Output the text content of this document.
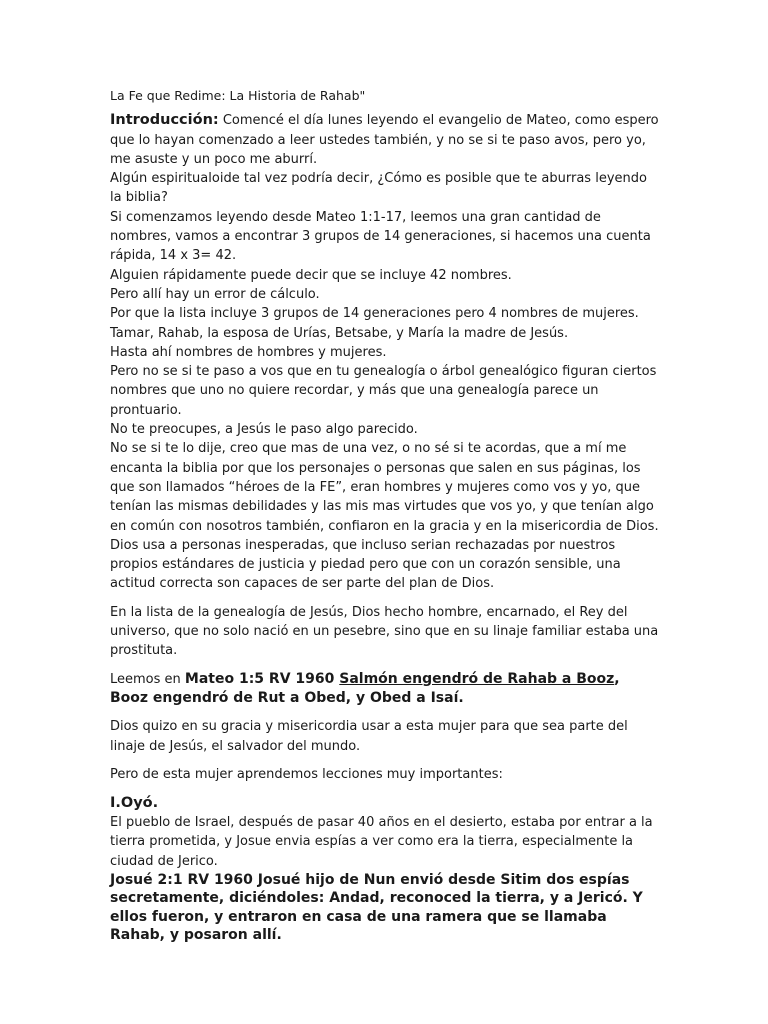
La Fe que Redime: La Historia de Rahab"

Introducción: Comencé el día lunes leyendo el evangelio de Mateo, como espero que lo hayan comenzado a leer ustedes también, y no se si te paso avos, pero yo, me asuste y un poco me aburrí.

Algún espiritualoide tal vez podría decir, ¿Cómo es posible que te aburras leyendo la biblia?

Si comenzamos leyendo desde Mateo 1:1-17, leemos una gran cantidad de nombres, vamos a encontrar 3 grupos de 14 generaciones, si hacemos una cuenta rápida, 14 x 3= 42.

Alguien rápidamente puede decir que se incluye 42 nombres.

Pero allí hay un error de cálculo.

Por que la lista incluye 3 grupos de 14 generaciones pero 4 nombres de mujeres.

Tamar, Rahab, la esposa de Urías, Betsabe, y María la madre de Jesús.

Hasta ahí nombres de hombres y mujeres.

Pero no se si te paso a vos que en tu genealogía o árbol genealógico figuran ciertos nombres que uno no quiere recordar, y más que una genealogía parece un prontuario.

No te preocupes, a Jesús le paso algo parecido.

No se si te lo dije, creo que mas de una vez, o no sé si te acordas, que a mí me encanta la biblia por que los personajes o personas que salen en sus páginas, los que son llamados “héroes de la FE”, eran hombres y mujeres como vos y yo, que tenían las mismas debilidades y las mis mas virtudes que vos yo, y que tenían algo en común con nosotros también, confiaron en la gracia y en la misericordia de Dios.

Dios usa a personas inesperadas, que incluso serian rechazadas por nuestros propios estándares de justicia y piedad pero que con un corazón sensible, una actitud correcta son capaces de ser parte del plan de Dios.

En la lista de la genealogía de Jesús, Dios hecho hombre, encarnado, el Rey del universo, que no solo nació en un pesebre, sino que en su linaje familiar estaba una prostituta.

Leemos en Mateo 1:5 RV 1960 Salmón engendró de Rahab a Booz, Booz engendró de Rut a Obed, y Obed a Isaí.

Dios quizo en su gracia y misericordia usar a esta mujer para que sea parte del linaje de Jesús, el salvador del mundo.

Pero de esta mujer aprendemos lecciones muy importantes:

I.Oyó.

El pueblo de Israel, después de pasar 40 años en el desierto, estaba por entrar a la tierra prometida, y Josue envia espías a ver como era la tierra, especialmente la ciudad de Jerico.

Josué 2:1 RV 1960 Josué hijo de Nun envió desde Sitim dos espías secretamente, diciéndoles: Andad, reconoced la tierra, y a Jericó. Y ellos fueron, y entraron en casa de una ramera que se llamaba Rahab, y posaron allí.
